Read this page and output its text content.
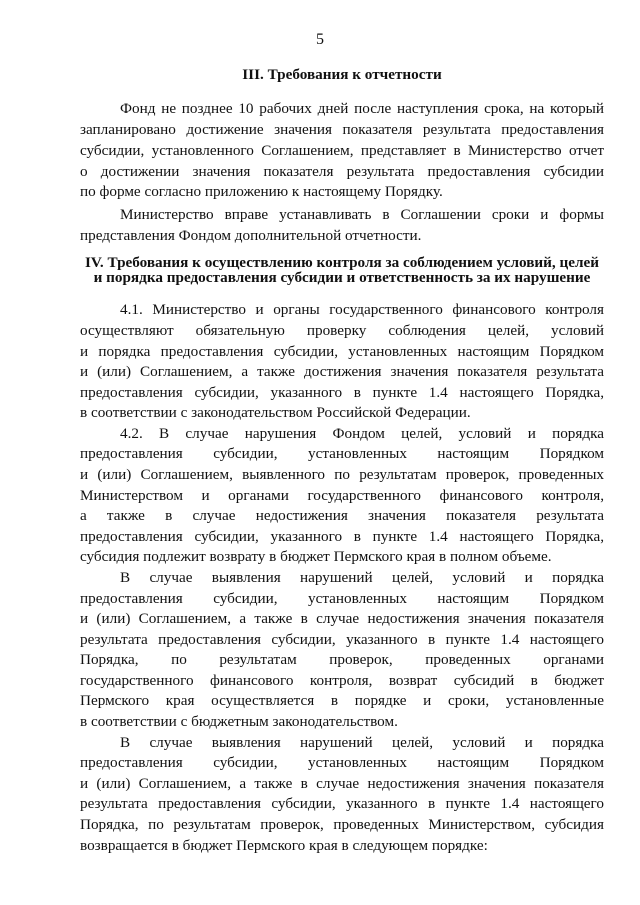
5
III. Требования к отчетности
Фонд не позднее 10 рабочих дней после наступления срока, на который
запланировано достижение значения показателя результата предоставления
субсидии, установленного Соглашением, представляет в Министерство отчет
о достижении значения показателя результата предоставления субсидии
по форме согласно приложению к настоящему Порядку.
Министерство вправе устанавливать в Соглашении сроки и формы
представления Фондом дополнительной отчетности.
IV. Требования к осуществлению контроля за соблюдением условий, целей
и порядка предоставления субсидии и ответственность за их нарушение
4.1. Министерство и органы государственного финансового контроля
осуществляют обязательную проверку соблюдения целей, условий
и порядка предоставления субсидии, установленных настоящим Порядком
и (или) Соглашением, а также достижения значения показателя результата
предоставления субсидии, указанного в пункте 1.4 настоящего Порядка,
в соответствии с законодательством Российской Федерации.
4.2. В случае нарушения Фондом целей, условий и порядка
предоставления субсидии, установленных настоящим Порядком
и (или) Соглашением, выявленного по результатам проверок, проведенных
Министерством и органами государственного финансового контроля,
а также в случае недостижения значения показателя результата
предоставления субсидии, указанного в пункте 1.4 настоящего Порядка,
субсидия подлежит возврату в бюджет Пермского края в полном объеме.
В случае выявления нарушений целей, условий и порядка
предоставления субсидии, установленных настоящим Порядком
и (или) Соглашением, а также в случае недостижения значения показателя
результата предоставления субсидии, указанного в пункте 1.4 настоящего
Порядка, по результатам проверок, проведенных органами
государственного финансового контроля, возврат субсидий в бюджет
Пермского края осуществляется в порядке и сроки, установленные
в соответствии с бюджетным законодательством.
В случае выявления нарушений целей, условий и порядка
предоставления субсидии, установленных настоящим Порядком
и (или) Соглашением, а также в случае недостижения значения показателя
результата предоставления субсидии, указанного в пункте 1.4 настоящего
Порядка, по результатам проверок, проведенных Министерством, субсидия
возвращается в бюджет Пермского края в следующем порядке:
